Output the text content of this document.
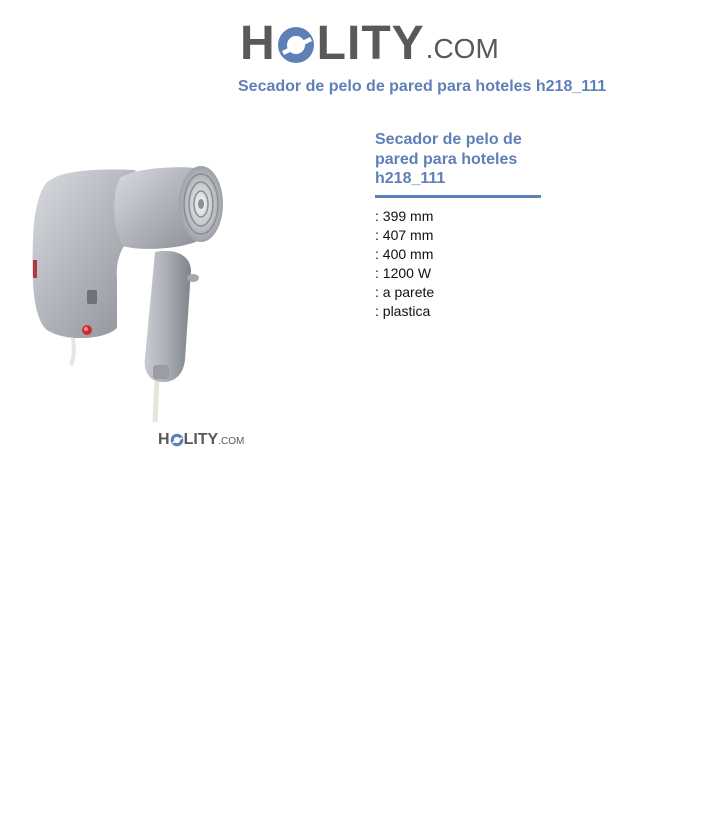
H LITY .COM
Secador de pelo de pared para hoteles h218_111
H LITY .COM
Secador de pelo de pared para hoteles h218_111
: 399 mm
: 407 mm
: 400 mm
: 1200 W
: a parete
: plastica
